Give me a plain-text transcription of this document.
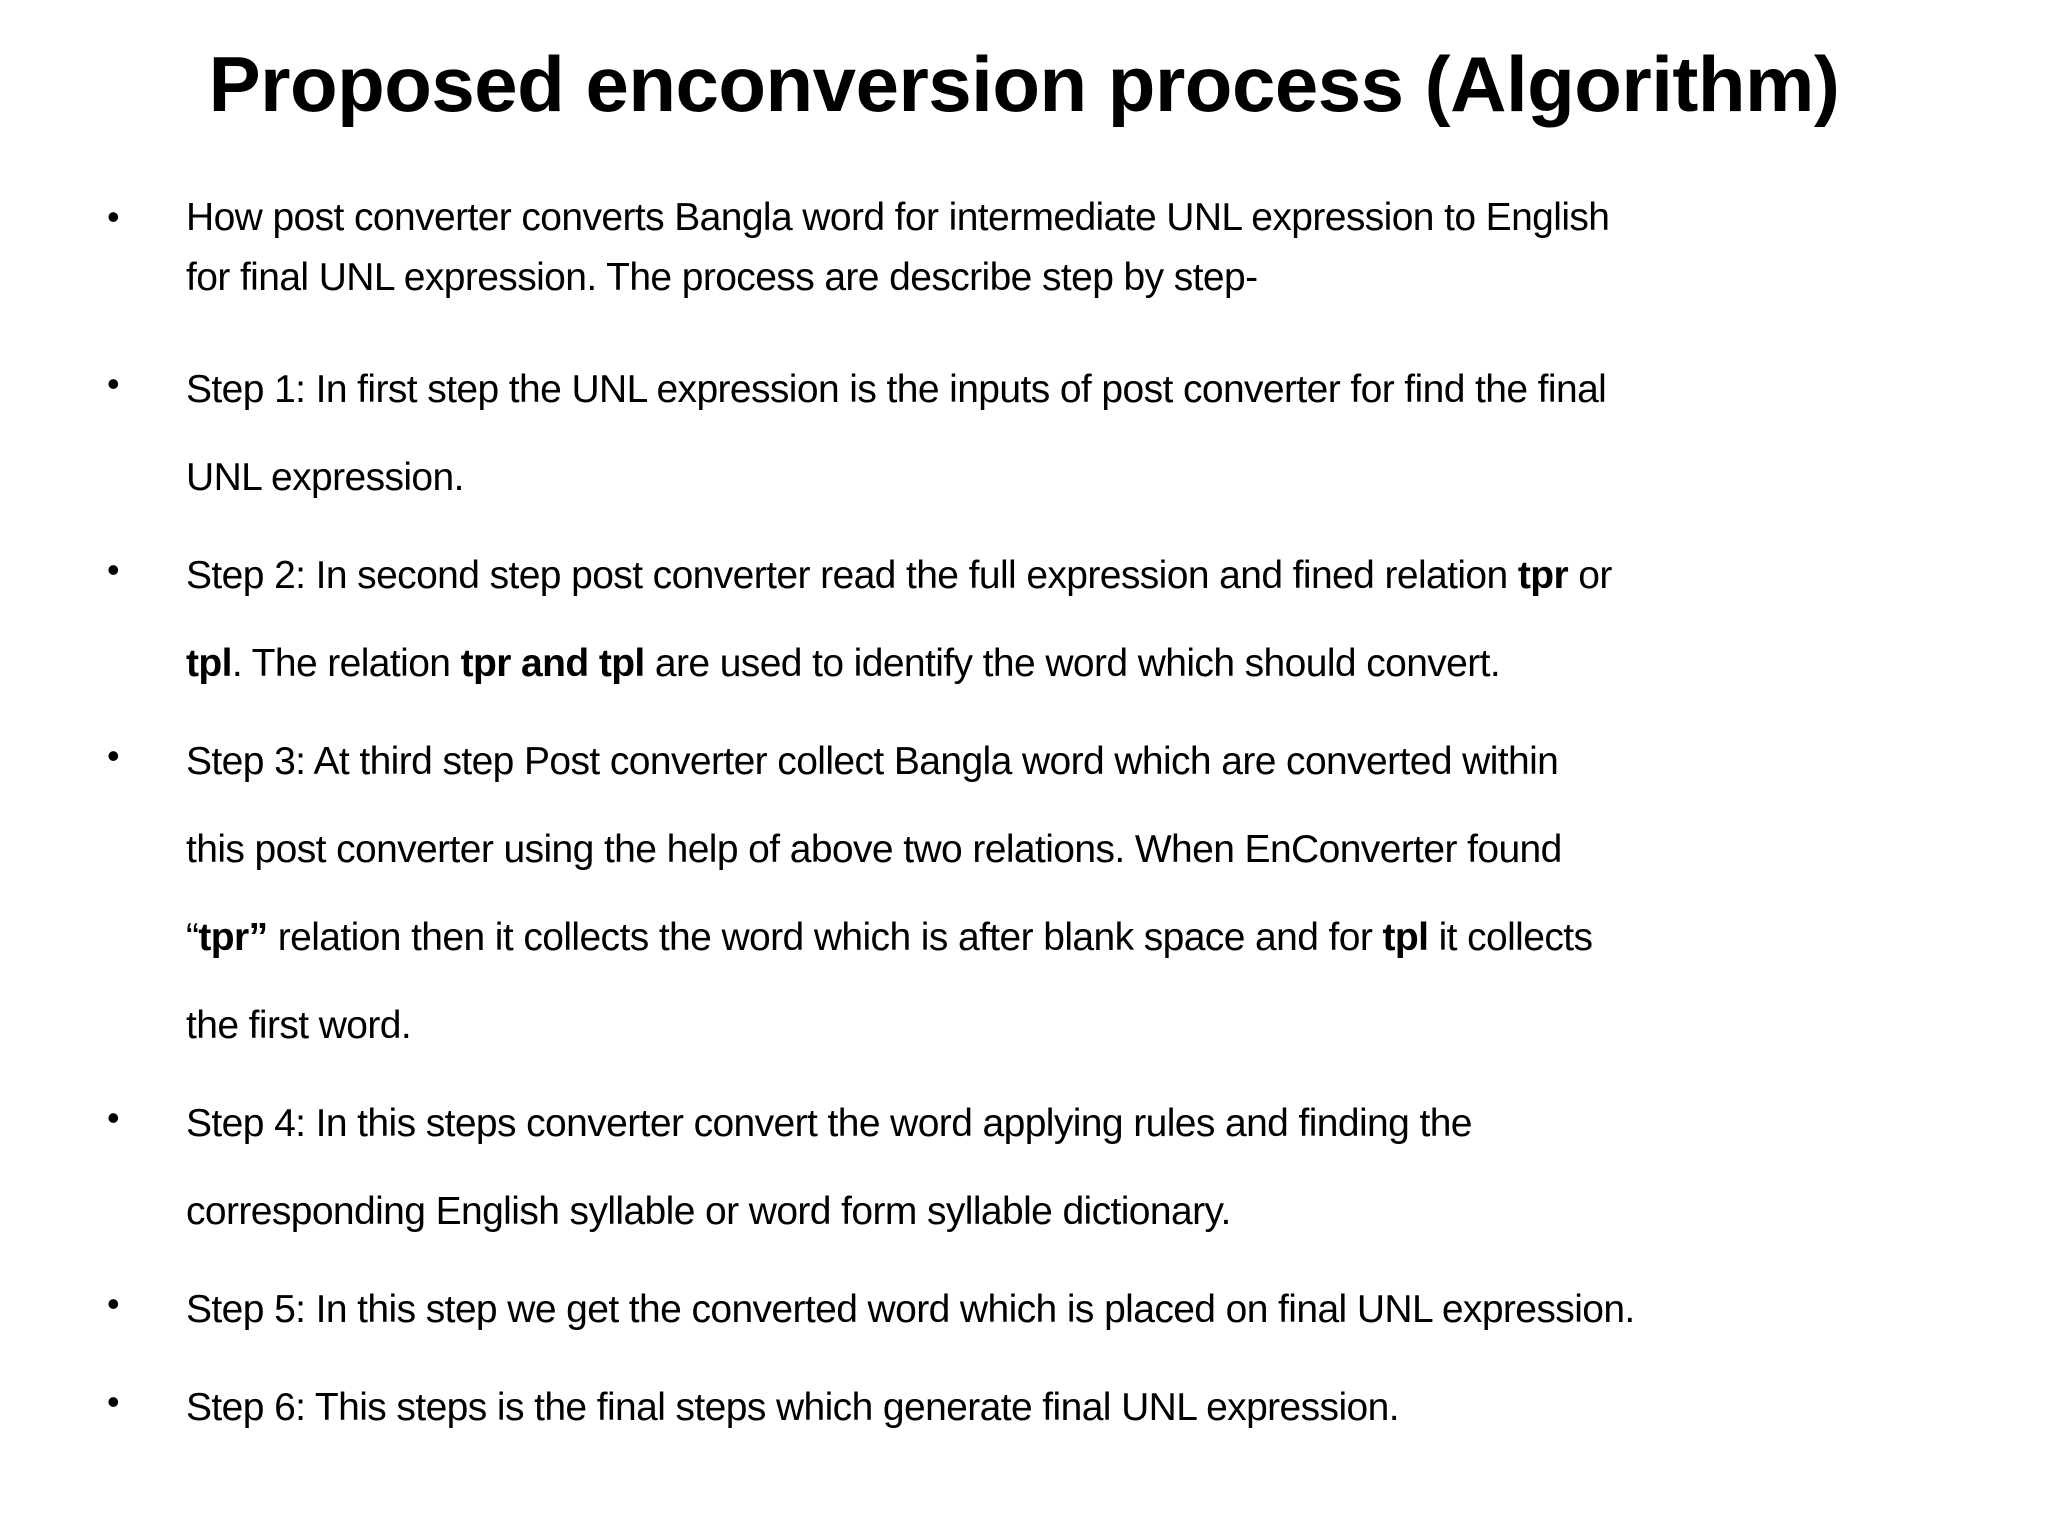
Proposed enconversion process (Algorithm)
• How post converter converts Bangla word for intermediate UNL expression to English
for final UNL expression. The process are describe step by step-
• Step 1: In first step the UNL expression is the inputs of post converter for find the final
UNL expression.
• Step 2: In second step post converter read the full expression and fined relation tpr or
tpl. The relation tpr and tpl are used to identify the word which should convert.
• Step 3: At third step Post converter collect Bangla word which are converted within
this post converter using the help of above two relations. When EnConverter found
“tpr” relation then it collects the word which is after blank space and for tpl it collects
the first word.
• Step 4: In this steps converter convert the word applying rules and finding the
corresponding English syllable or word form syllable dictionary.
• Step 5: In this step we get the converted word which is placed on final UNL expression.
• Step 6: This steps is the final steps which generate final UNL expression.
